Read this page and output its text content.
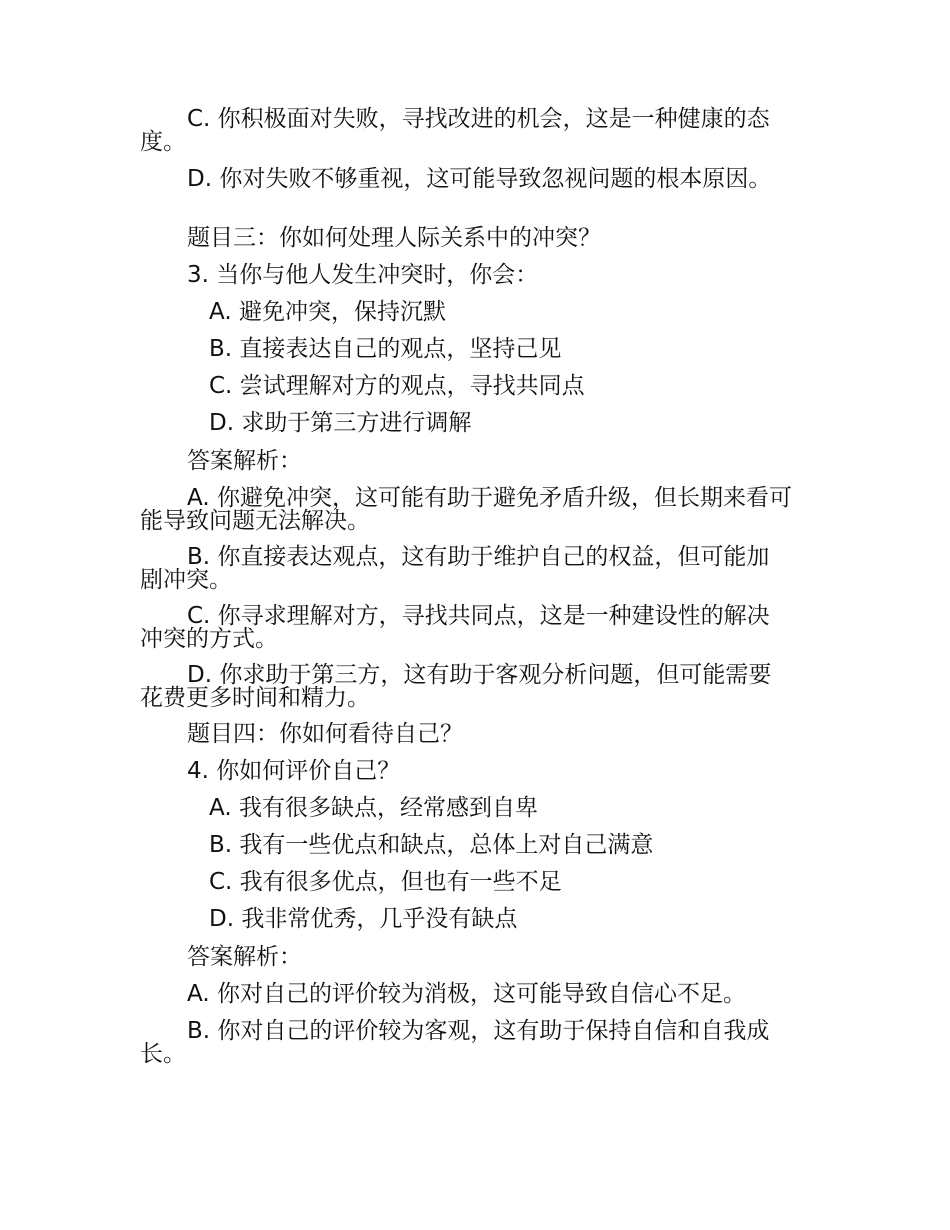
C. 你积极面对失败，寻找改进的机会，这是一种健康的态度。
D. 你对失败不够重视，这可能导致忽视问题的根本原因。
题目三：你如何处理人际关系中的冲突？
3. 当你与他人发生冲突时，你会：
A. 避免冲突，保持沉默
B. 直接表达自己的观点，坚持己见
C. 尝试理解对方的观点，寻找共同点
D. 求助于第三方进行调解
答案解析：
A. 你避免冲突，这可能有助于避免矛盾升级，但长期来看可能导致问题无法解决。
B. 你直接表达观点，这有助于维护自己的权益，但可能加剧冲突。
C. 你寻求理解对方，寻找共同点，这是一种建设性的解决冲突的方式。
D. 你求助于第三方，这有助于客观分析问题，但可能需要花费更多时间和精力。
题目四：你如何看待自己？
4. 你如何评价自己？
A. 我有很多缺点，经常感到自卑
B. 我有一些优点和缺点，总体上对自己满意
C. 我有很多优点，但也有一些不足
D. 我非常优秀，几乎没有缺点
答案解析：
A. 你对自己的评价较为消极，这可能导致自信心不足。
B. 你对自己的评价较为客观，这有助于保持自信和自我成长。
